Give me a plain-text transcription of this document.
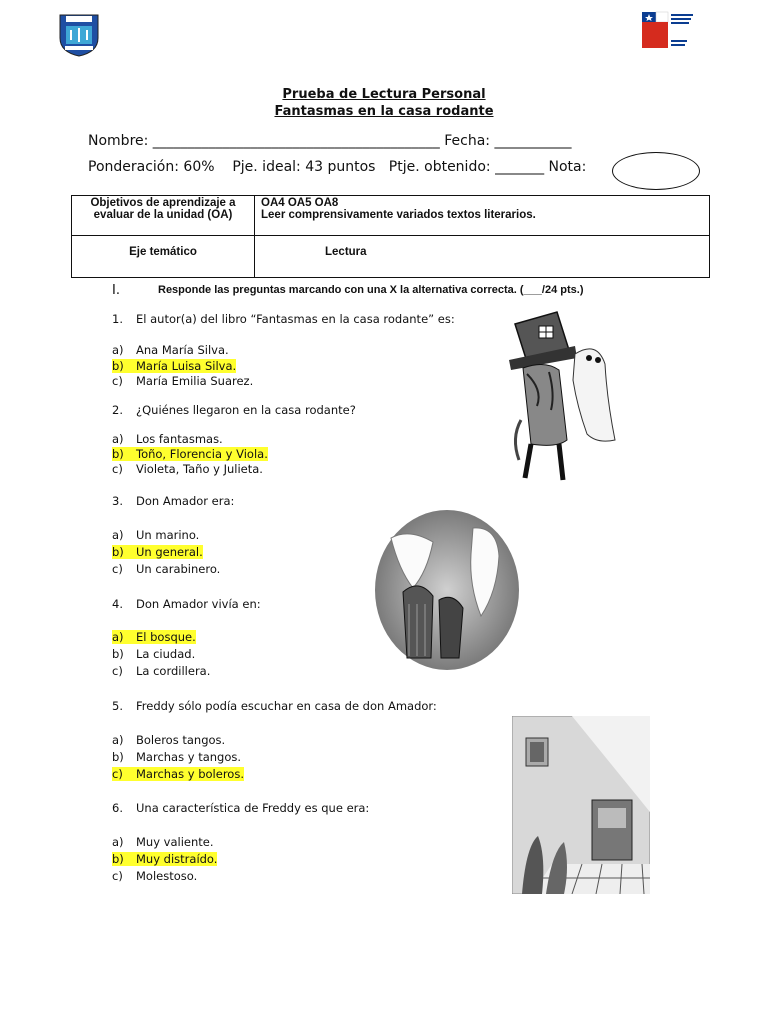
Prueba de Lectura Personal
Fantasmas en la casa rodante
Nombre: _________________________________________ Fecha: ___________
Ponderación: 60%    Pje. ideal: 43 puntos   Ptje. obtenido: _______ Nota:
Objetivos de aprendizaje a evaluar de la unidad (OA)	OA4 OA5 OA8
Leer comprensivamente variados textos literarios.

Eje temático	Lectura
I.	Responde las preguntas marcando con una X la alternativa correcta. (___/24 pts.)
1. El autor(a) del libro “Fantasmas en la casa rodante” es:
a) Ana María Silva.
b) María Luisa Silva.
c) María Emilia Suarez.
2. ¿Quiénes llegaron en la casa rodante?
a) Los fantasmas.
b) Toño, Florencia y Viola.
c) Violeta, Taño y Julieta.
3. Don Amador era:
a) Un marino.
b) Un general.
c) Un carabinero.
4. Don Amador vivía en:
a) El bosque.
b) La ciudad.
c) La cordillera.
5. Freddy sólo podía escuchar en casa de don Amador:
a) Boleros tangos.
b) Marchas y tangos.
c) Marchas y boleros.
6. Una característica de Freddy es que era:
a) Muy valiente.
b) Muy distraído.
c) Molestoso.
